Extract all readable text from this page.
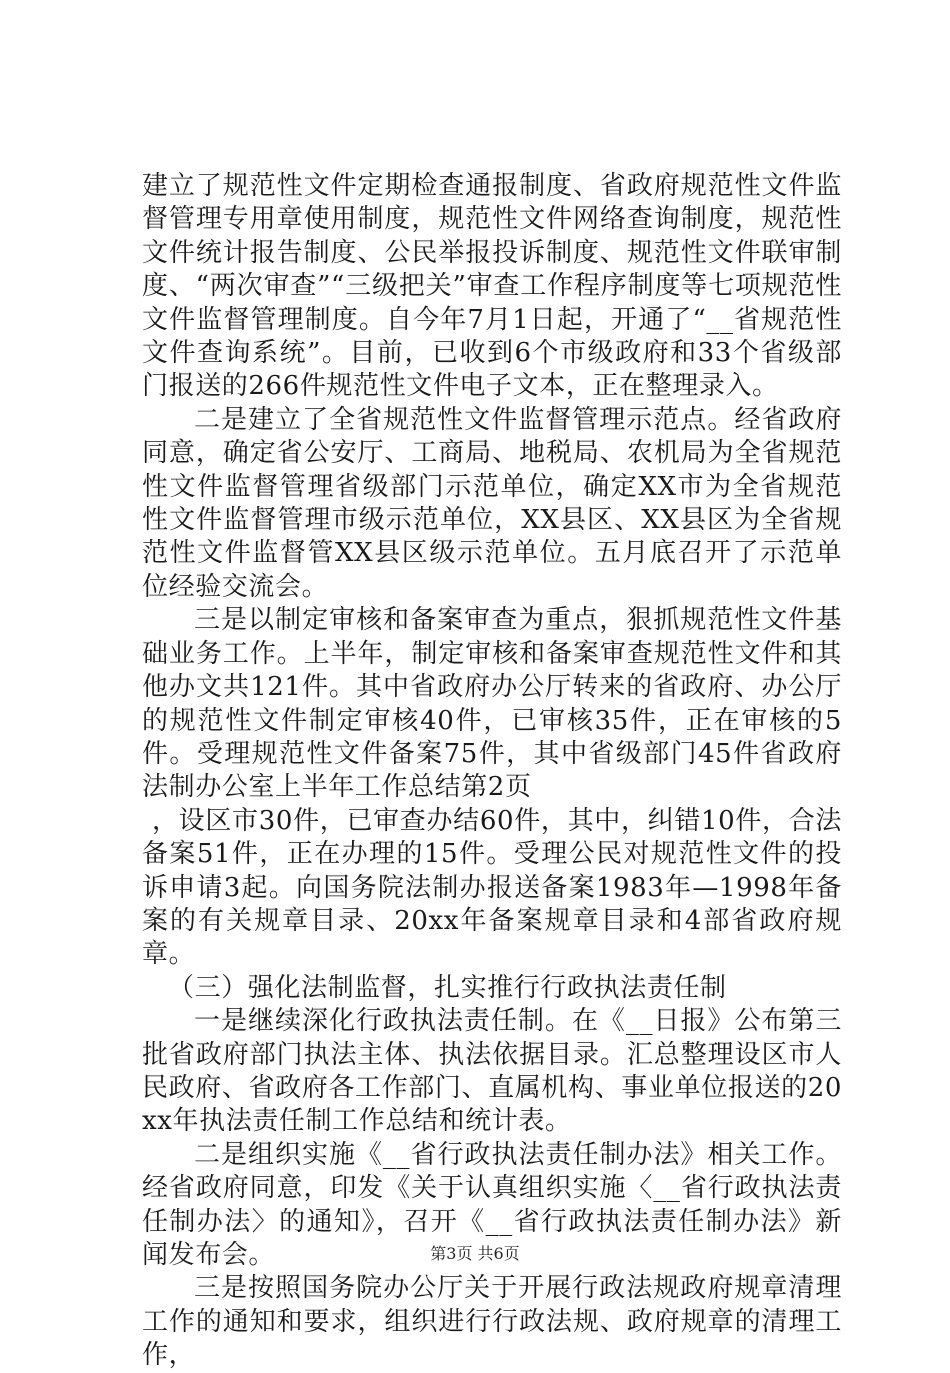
建立了规范性文件定期检查通报制度、省政府规范性文件监督管理专用章使用制度，规范性文件网络查询制度，规范性文件统计报告制度、公民举报投诉制度、规范性文件联审制度、“两次审查”“三级把关”审查工作程序制度等七项规范性文件监督管理制度。自今年7月1日起，开通了“__省规范性文件查询系统”。目前，已收到6个市级政府和33个省级部门报送的266件规范性文件电子文本，正在整理录入。

二是建立了全省规范性文件监督管理示范点。经省政府同意，确定省公安厅、工商局、地税局、农机局为全省规范性文件监督管理省级部门示范单位，确定XX市为全省规范性文件监督管理市级示范单位，XX县区、XX县区为全省规范性文件监督管XX县区级示范单位。五月底召开了示范单位经验交流会。

三是以制定审核和备案审查为重点，狠抓规范性文件基础业务工作。上半年，制定审核和备案审查规范性文件和其他办文共121件。其中省政府办公厅转来的省政府、办公厅的规范性文件制定审核40件，已审核35件，正在审核的5件。受理规范性文件备案75件，其中省级部门45件省政府法制办公室上半年工作总结第2页

，设区市30件，已审查办结60件，其中，纠错10件，合法备案51件，正在办理的15件。受理公民对规范性文件的投诉申请3起。向国务院法制办报送备案1983年—1998年备案的有关规章目录、20xx年备案规章目录和4部省政府规章。

（三）强化法制监督，扎实推行行政执法责任制

一是继续深化行政执法责任制。在《__日报》公布第三批省政府部门执法主体、执法依据目录。汇总整理设区市人民政府、省政府各工作部门、直属机构、事业单位报送的20xx年执法责任制工作总结和统计表。

二是组织实施《__省行政执法责任制办法》相关工作。经省政府同意，印发《关于认真组织实施〈__省行政执法责任制办法〉的通知》，召开《__省行政执法责任制办法》新闻发布会。

三是按照国务院办公厅关于开展行政法规政府规章清理工作的通知和要求，组织进行行政法规、政府规章的清理工作，

第3页 共6页
